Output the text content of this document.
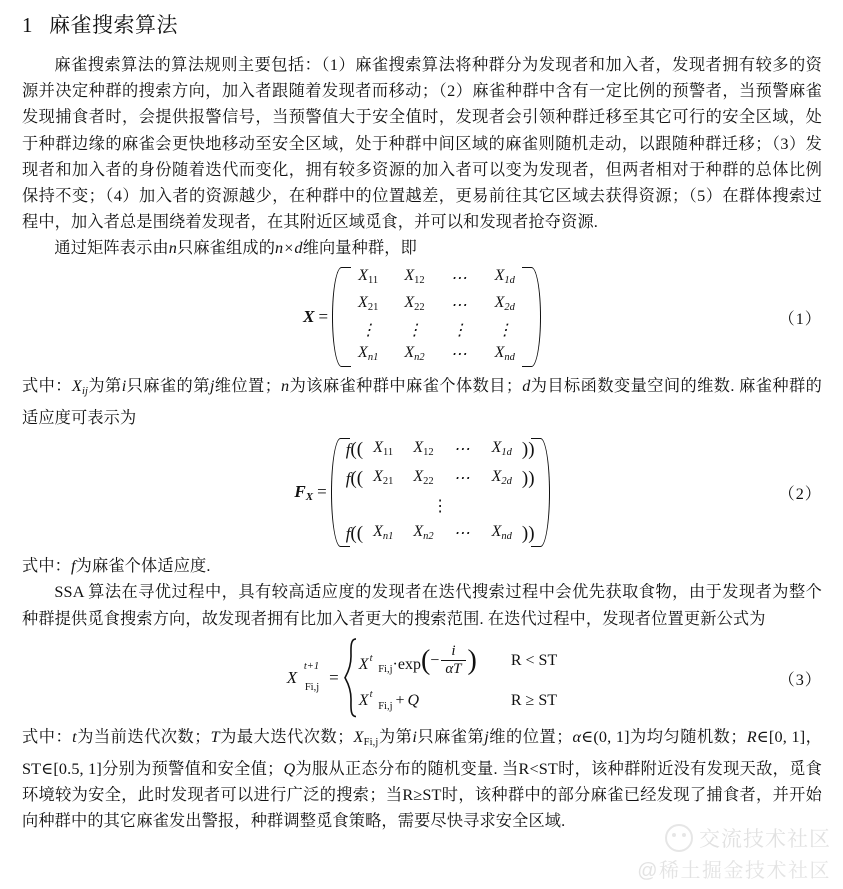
1 麻雀搜索算法

麻雀搜索算法的算法规则主要包括：（1）麻雀搜索算法将种群分为发现者和加入者，发现者拥有较多的资源并决定种群的搜索方向，加入者跟随着发现者而移动；（2）麻雀种群中含有一定比例的预警者，当预警麻雀发现捕食者时，会提供报警信号，当预警值大于安全值时，发现者会引领种群迁移至其它可行的安全区域，处于种群边缘的麻雀会更快地移动至安全区域，处于种群中间区域的麻雀则随机走动，以跟随种群迁移；（3）发现者和加入者的身份随着迭代而变化，拥有较多资源的加入者可以变为发现者，但两者相对于种群的总体比例保持不变；（4）加入者的资源越少，在种群中的位置越差，更易前往其它区域去获得资源；（5）在群体搜索过程中，加入者总是围绕着发现者，在其附近区域觅食，并可以和发现者抢夺资源.

通过矩阵表示由n只麻雀组成的n×d维向量种群，即

X =
$X_{11}$	$X_{12}$	⋯	$X_{1d}$
$X_{21}$	$X_{22}$	⋯	$X_{2d}$
⋮	⋮	⋮	⋮
$X_{n1}$	$X_{n2}$	⋯	$X_{nd}$
（1）

式中：Xij为第i只麻雀的第j维位置；n为该麻雀种群中麻雀个体数目；d为目标函数变量空间的维数. 麻雀种群的适应度可表示为

$F_X$ =
f((	$X_{11}$	$X_{12}$	⋯	$X_{1d}$	))
f((	$X_{21}$	$X_{22}$	⋯	$X_{2d}$	))
⋮					
f((	$X_{n1}$	$X_{n2}$	⋯	$X_{nd}$	))
（2）

式中：f为麻雀个体适应度.

SSA 算法在寻优过程中，具有较高适应度的发现者在迭代搜索过程中会优先获取食物，由于发现者为整个种群提供觅食搜索方向，故发现者拥有比加入者更大的搜索范围. 在迭代过程中，发现者位置更新公式为

X
t+1
Fi,j
=
X t
Fi,j ·exp ( − $\frac{i}{\alpha T}$ )	R < ST
X t
Fi,j + Q	R ≥ ST
（3）

式中：t为当前迭代次数；T为最大迭代次数；XFi,j为第i只麻雀第j维的位置；α∈(0, 1]为均匀随机数；R∈[0, 1]，ST∈[0.5, 1]分别为预警值和安全值；Q为服从正态分布的随机变量. 当R<ST时，该种群附近没有发现天敌，觅食环境较为安全，此时发现者可以进行广泛的搜索；当R≥ST时，该种群中的部分麻雀已经发现了捕食者，并开始向种群中的其它麻雀发出警报，种群调整觅食策略，需要尽快寻求安全区域.

交流技术社区
@稀土掘金技术社区
